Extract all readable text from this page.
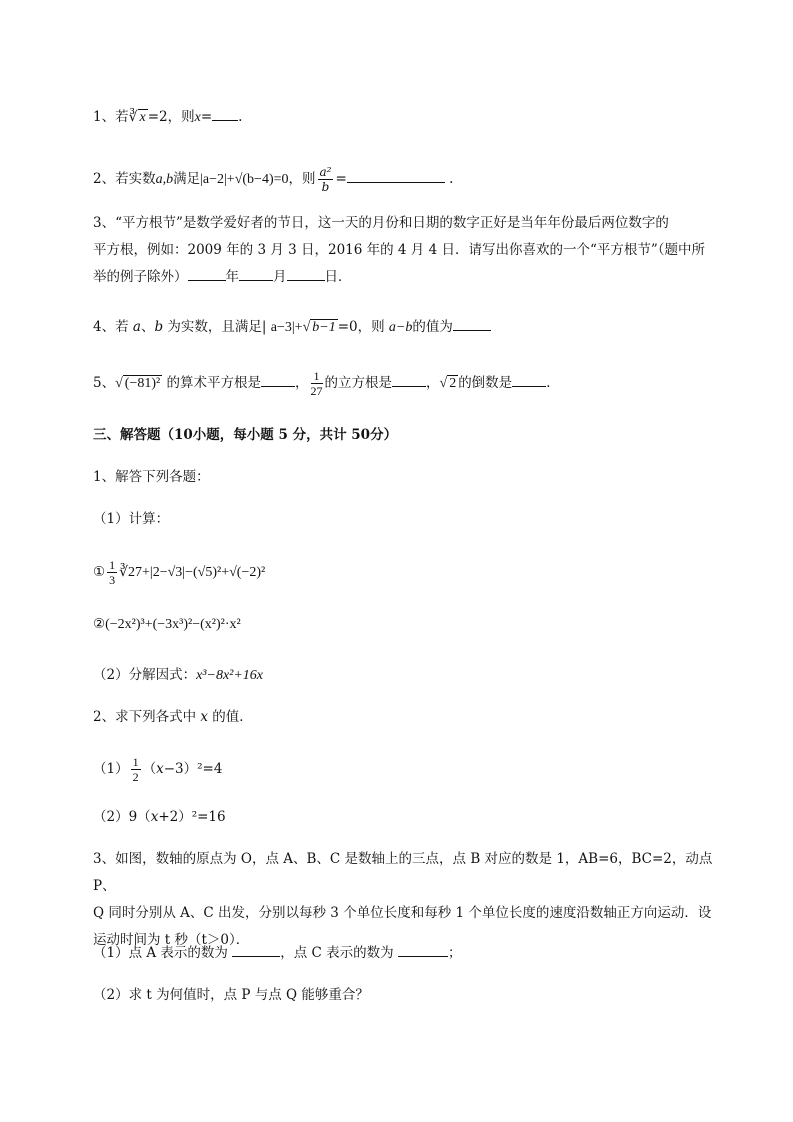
1、若∛ x =2，则x= .
2、若实数a,b满足|a−2|+√(b−4)=0，则 $\frac{\text{a²}}{b}$ =	.
3、“平方根节”是数学爱好者的节日，这一天的月份和日期的数字正好是当年年份最后两位数字的
平方根，例如：2009 年的 3 月 3 日，2016 年的 4 月 4 日．请写出你喜欢的一个“平方根节”（题中所
举的例子除外）	年	月	日．
4、若 a、b 为实数，且满足| a−3|+√ b−1 =0，则 a−b的值为
5、√ (−81)² 的算术平方根是	， $\frac{1}{27}$ 的立方根是	，√ 2 的倒数是	．
三、解答题（10小题，每小题 5 分，共计 50分）
1、解答下列各题：
（1）计算：
① $\frac{1}{3}$ ∛27+|2−√3|−(√5)²+√(−2)²
②(−2x²)³+(−3x³)²−(x²)²·x²
（2）分解因式：x³−8x²+16x
2、求下列各式中 x 的值．
$(1) \frac{1}{2} (x-3)^2=4$
（2）9（x+2）²=16
3、如图，数轴的原点为 O，点 A、B、C 是数轴上的三点，点 B 对应的数是 1，AB=6，BC=2，动点 P、
Q 同时分别从 A、C 出发，分别以每秒 3 个单位长度和每秒 1 个单位长度的速度沿数轴正方向运动．设
运动时间为 t 秒（t＞0）．
（1）点 A 表示的数为	，点 C 表示的数为	；
（2）求 t 为何值时，点 P 与点 Q 能够重合？
